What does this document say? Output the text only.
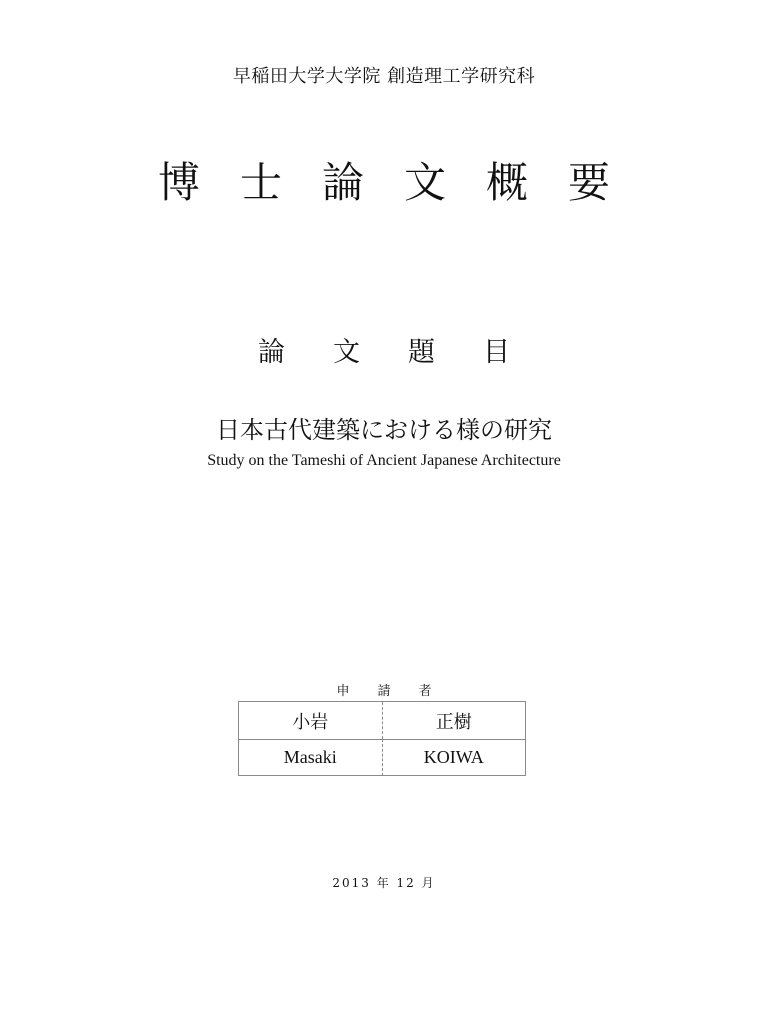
早稲田大学大学院 創造理工学研究科
博士論文概要
論文題目
日本古代建築における様の研究
Study on the Tameshi of Ancient Japanese Architecture
申請者
小岩	正樹
Masaki	KOIWA
2013 年 12 月
